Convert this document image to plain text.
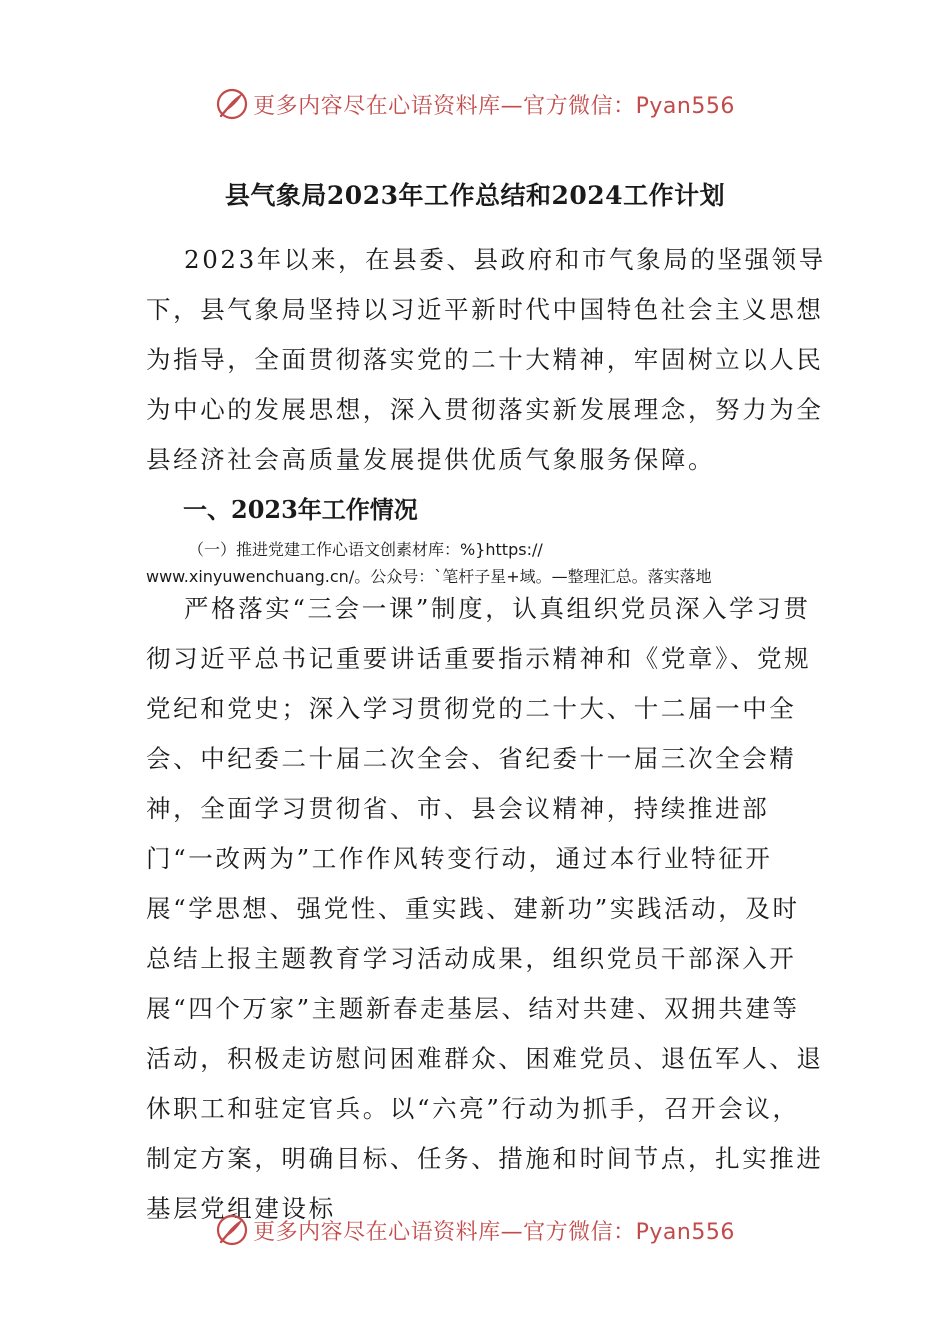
更多内容尽在心语资料库—官方微信：Pyan556
县气象局2023年工作总结和2024工作计划

2023年以来，在县委、县政府和市气象局的坚强领导下，县气象局坚持以习近平新时代中国特色社会主义思想为指导，全面贯彻落实党的二十大精神，牢固树立以人民为中心的发展思想，深入贯彻落实新发展理念，努力为全县经济社会高质量发展提供优质气象服务保障。

一、2023年工作情况
（一）推进党建工作心语文创素材库：%}https://
www.xinyuwenchuang.cn/。公众号：`笔杆子星+域。—整理汇总。落实落地

严格落实“三会一课”制度，认真组织党员深入学习贯彻习近平总书记重要讲话重要指示精神和《党章》、党规党纪和党史；深入学习贯彻党的二十大、十二届一中全会、中纪委二十届二次全会、省纪委十一届三次全会精神，全面学习贯彻省、市、县会议精神，持续推进部门“一改两为”工作作风转变行动，通过本行业特征开展“学思想、强党性、重实践、建新功”实践活动，及时总结上报主题教育学习活动成果，组织党员干部深入开展“四个万家”主题新春走基层、结对共建、双拥共建等活动，积极走访慰问困难群众、困难党员、退伍军人、退休职工和驻定官兵。以“六亮”行动为抓手，召开会议，制定方案，明确目标、任务、措施和时间节点，扎实推进基层党组建设标

更多内容尽在心语资料库—官方微信：Pyan556
